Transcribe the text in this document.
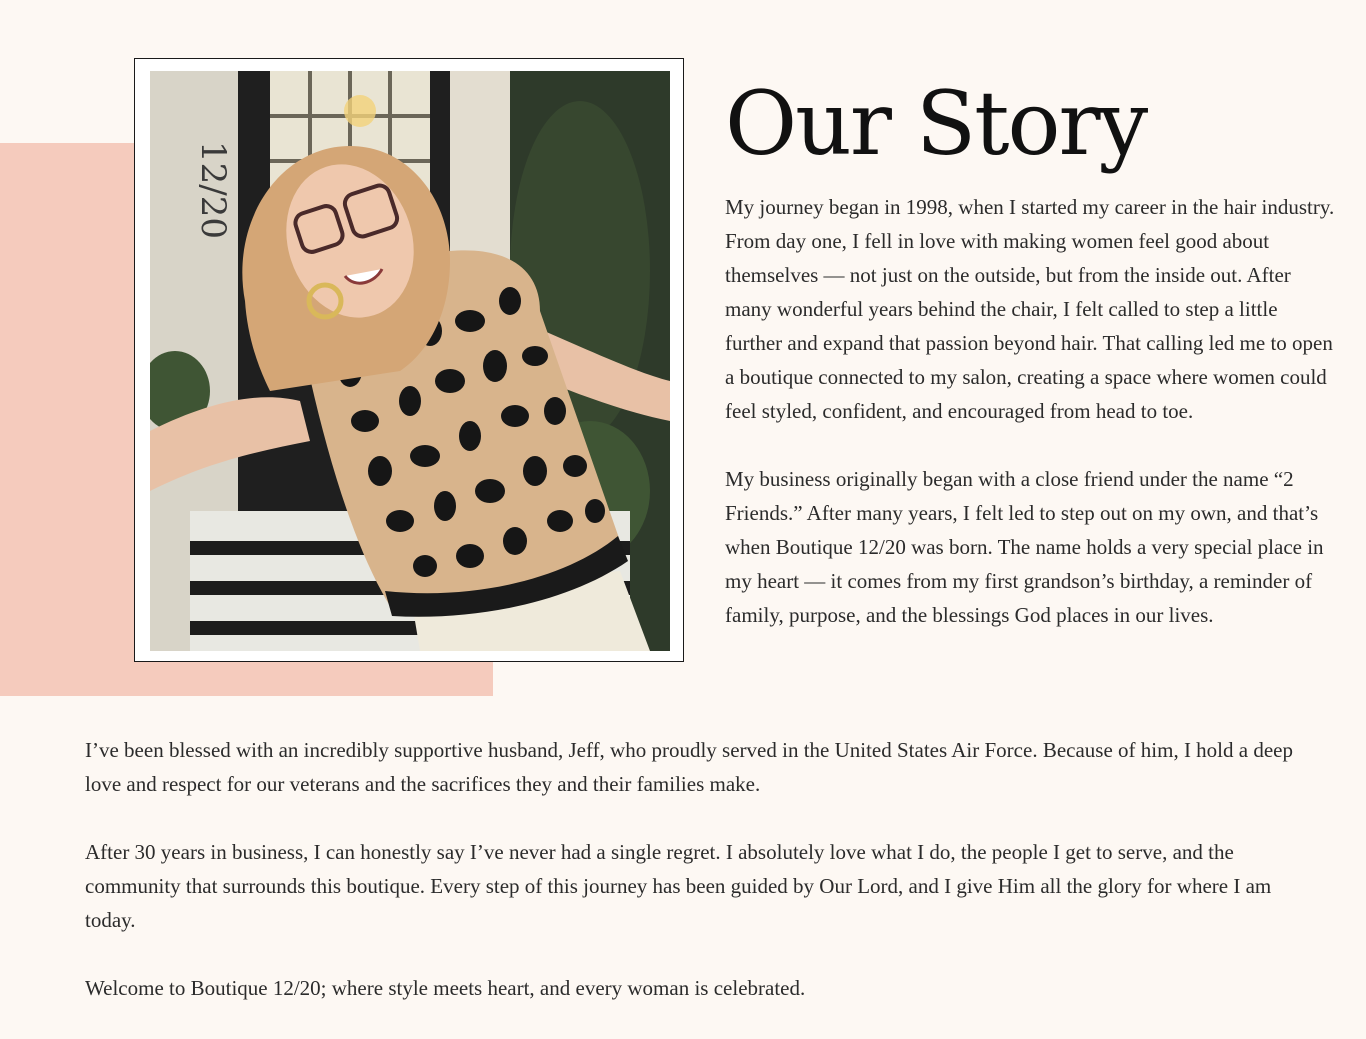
12/20
Our Story

My journey began in 1998, when I started my career in the hair industry. From day one, I fell in love with making women feel good about themselves — not just on the outside, but from the inside out. After many wonderful years behind the chair, I felt called to step a little further and expand that passion beyond hair. That calling led me to open a boutique connected to my salon, creating a space where women could feel styled, confident, and encouraged from head to toe.

My business originally began with a close friend under the name “2 Friends.” After many years, I felt led to step out on my own, and that’s when Boutique 12/20 was born. The name holds a very special place in my heart — it comes from my first grandson’s birthday, a reminder of family, purpose, and the blessings God places in our lives.

I’ve been blessed with an incredibly supportive husband, Jeff, who proudly served in the United States Air Force. Because of him, I hold a deep love and respect for our veterans and the sacrifices they and their families make.

After 30 years in business, I can honestly say I’ve never had a single regret. I absolutely love what I do, the people I get to serve, and the community that surrounds this boutique. Every step of this journey has been guided by Our Lord, and I give Him all the glory for where I am today.

Welcome to Boutique 12/20; where style meets heart, and every woman is celebrated.
